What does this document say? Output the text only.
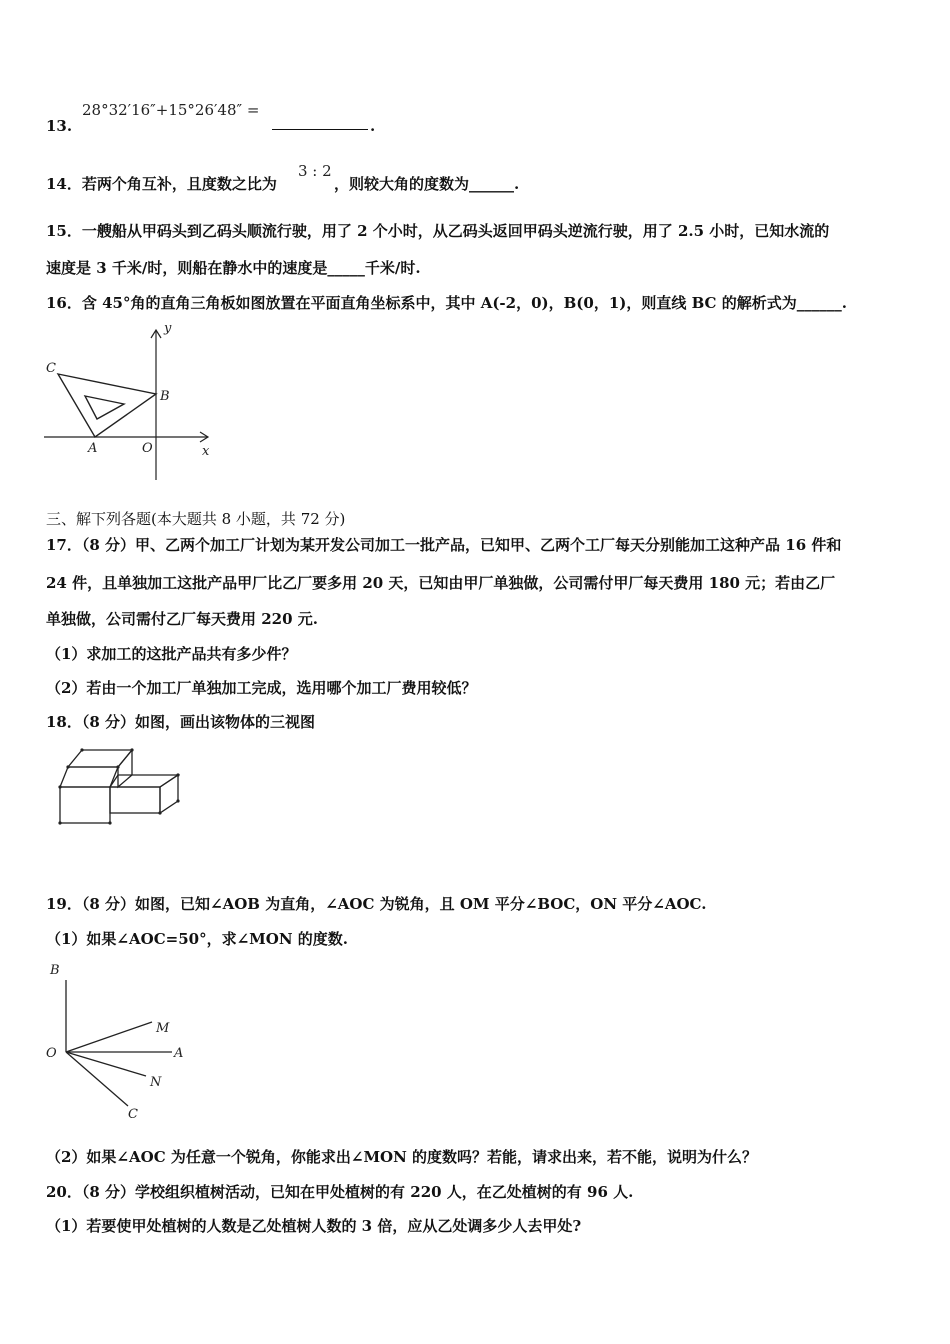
13.
28°32′16″+15°26′48″ =
.
14．若两个角互补，且度数之比为
3 : 2
，则较大角的度数为______.
15．一艘船从甲码头到乙码头顺流行驶，用了 2 个小时，从乙码头返回甲码头逆流行驶，用了 2.5 小时，已知水流的
速度是 3 千米/时，则船在静水中的速度是_____千米/时.
16．含 45°角的直角三角板如图放置在平面直角坐标系中，其中 A(-2，0)，B(0，1)，则直线 BC 的解析式为______.
C
B
A	O	x
y
三、解下列各题(本大题共 8 小题，共 72 分)
17．（8 分）甲、乙两个加工厂计划为某开发公司加工一批产品，已知甲、乙两个工厂每天分别能加工这种产品 16 件和
24 件，且单独加工这批产品甲厂比乙厂要多用 20 天，已知由甲厂单独做，公司需付甲厂每天费用 180 元；若由乙厂
单独做，公司需付乙厂每天费用 220 元.
（1）求加工的这批产品共有多少件？
（2）若由一个加工厂单独加工完成，选用哪个加工厂费用较低？
18．（8 分）如图，画出该物体的三视图
19．（8 分）如图，已知∠AOB 为直角，∠AOC 为锐角，且 OM 平分∠BOC，ON 平分∠AOC.
（1）如果∠AOC=50°，求∠MON 的度数.
B
M
O	A
N
C
（2）如果∠AOC 为任意一个锐角，你能求出∠MON 的度数吗？若能，请求出来，若不能，说明为什么？
20．（8 分）学校组织植树活动，已知在甲处植树的有 220 人，在乙处植树的有 96 人.
（1）若要使甲处植树的人数是乙处植树人数的 3 倍，应从乙处调多少人去甲处?
